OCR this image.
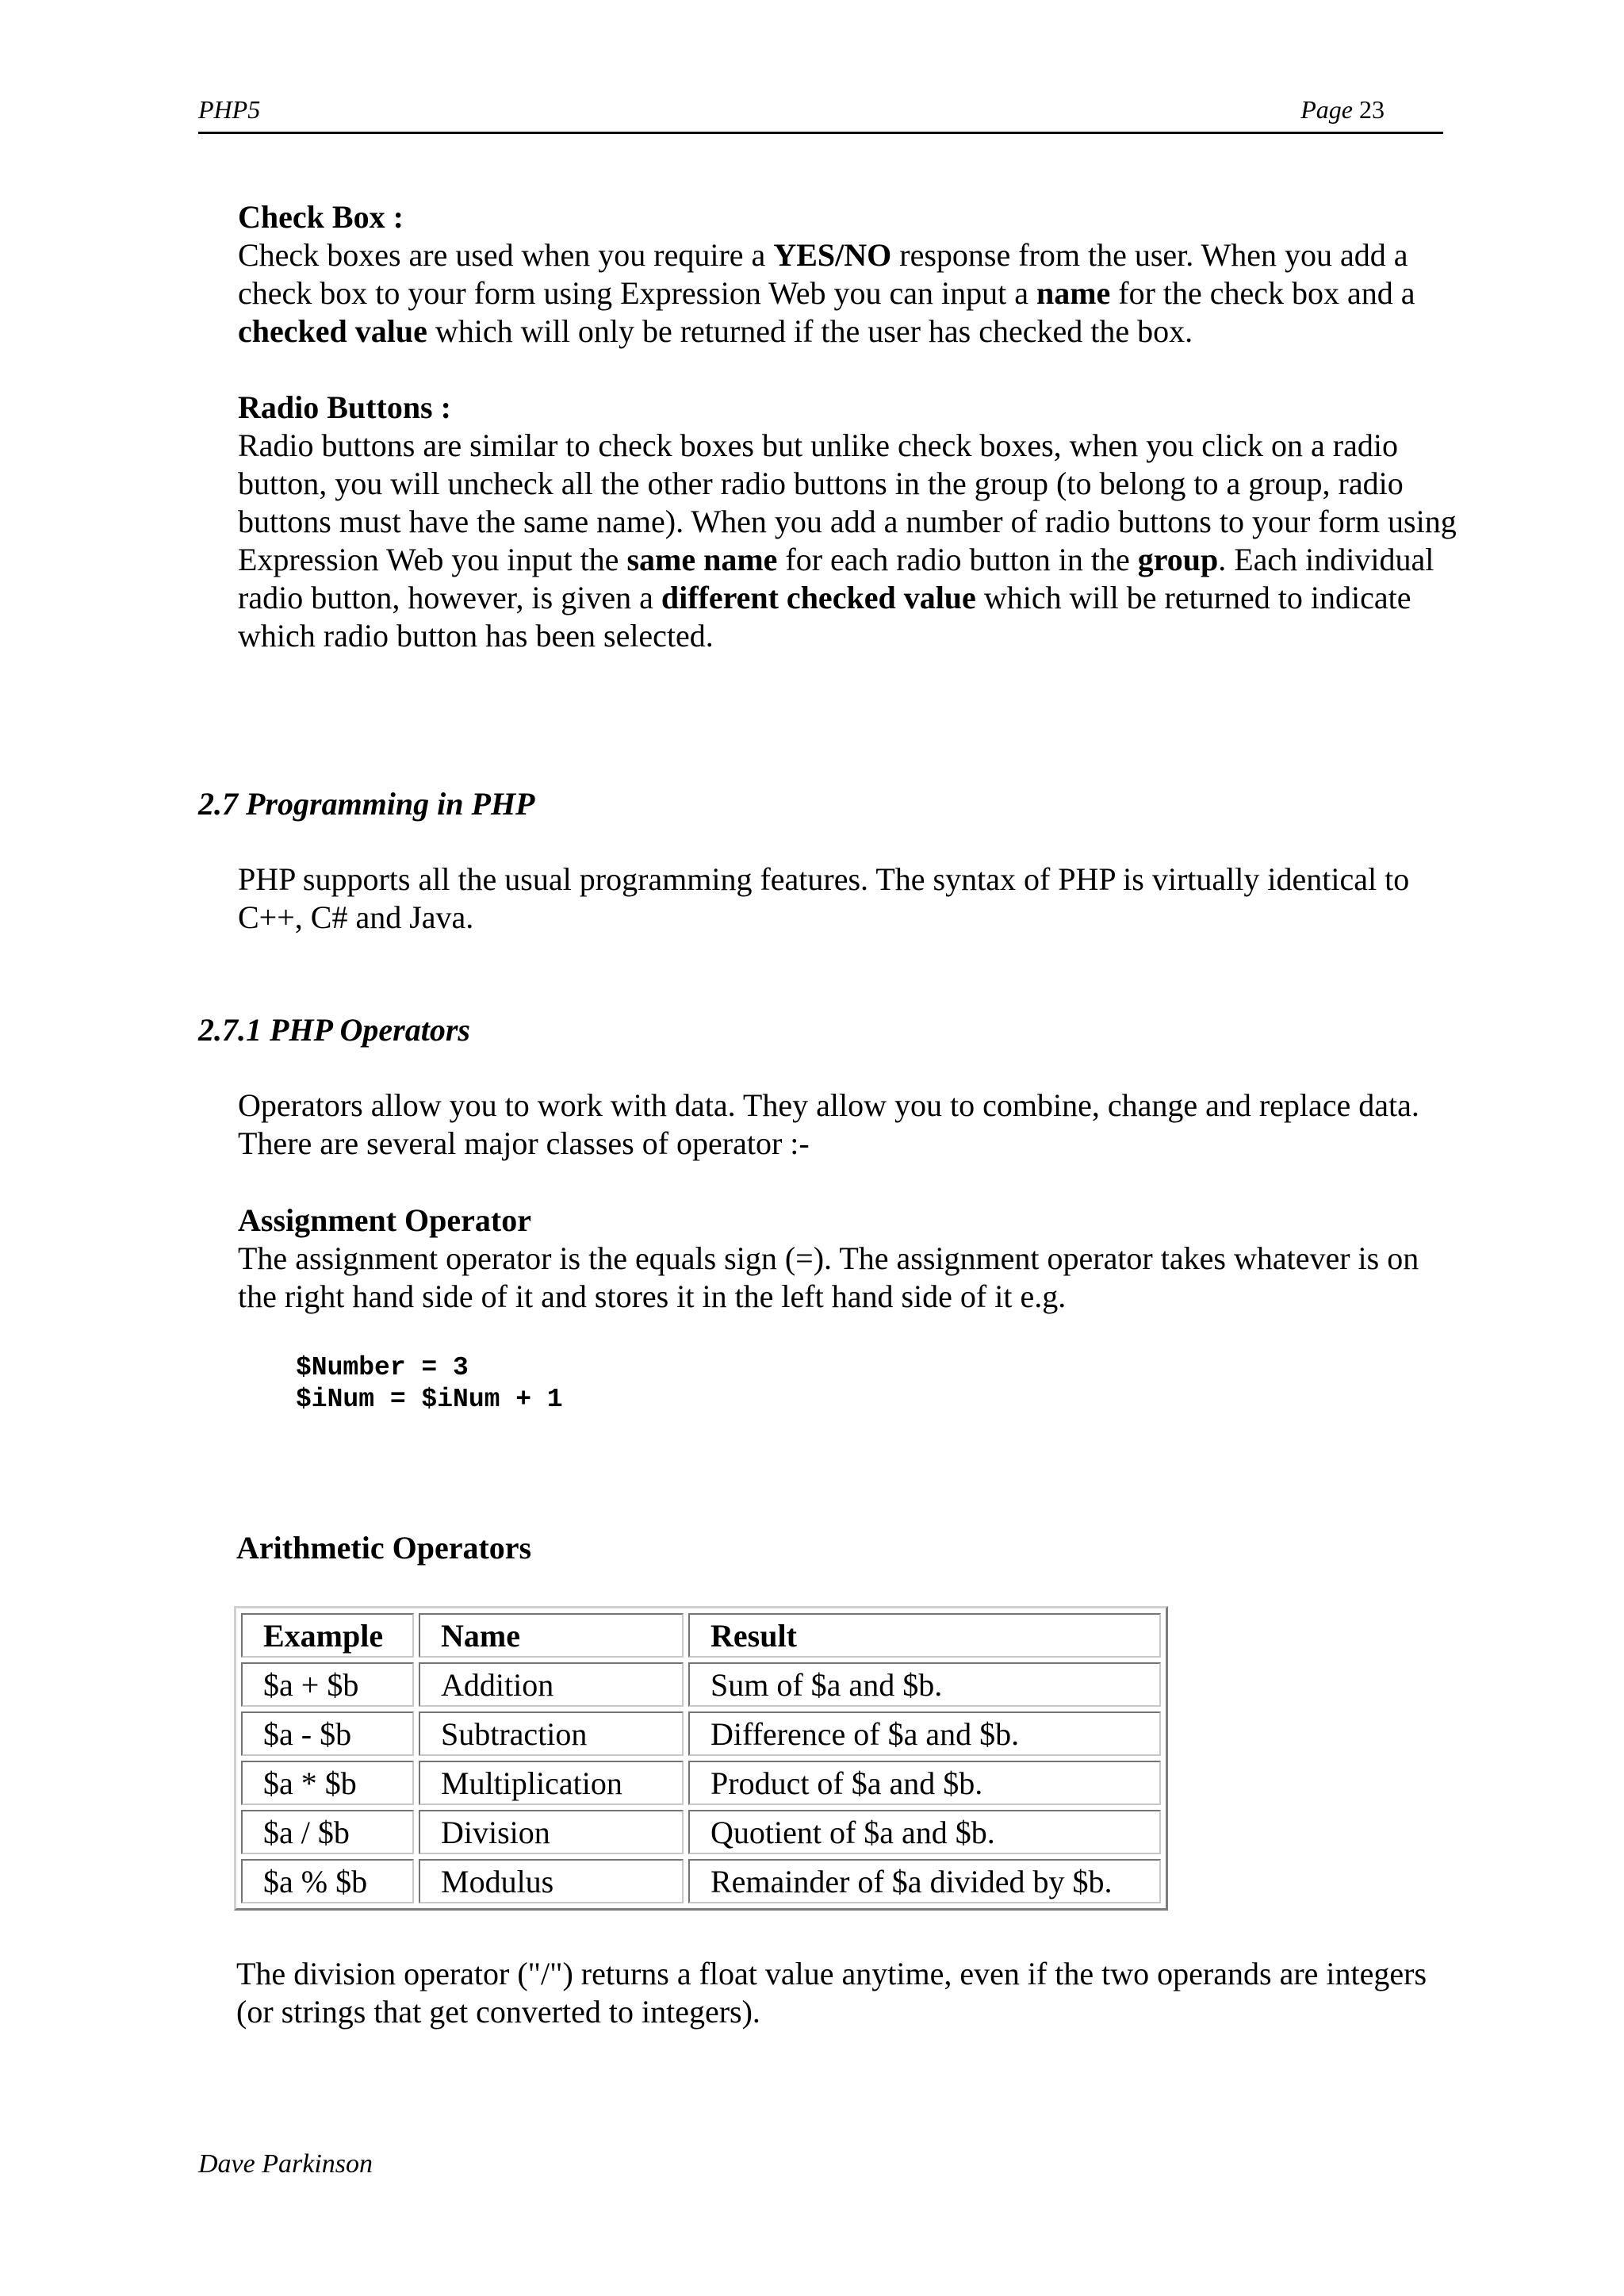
PHP5	Page 23
Check Box :
Check boxes are used when you require a YES/NO response from the user. When you add a check box to your form using Expression Web you can input a name for the check box and a checked value which will only be returned if the user has checked the box.
Radio Buttons :
Radio buttons are similar to check boxes but unlike check boxes, when you click on a radio button, you will uncheck all the other radio buttons in the group (to belong to a group, radio buttons must have the same name). When you add a number of radio buttons to your form using Expression Web you input the same name for each radio button in the group. Each individual radio button, however, is given a different checked value which will be returned to indicate which radio button has been selected.
2.7 Programming in PHP
PHP supports all the usual programming features. The syntax of PHP is virtually identical to C++, C# and Java.
2.7.1 PHP Operators
Operators allow you to work with data. They allow you to combine, change and replace data. There are several major classes of operator :-
Assignment Operator
The assignment operator is the equals sign (=). The assignment operator takes whatever is on the right hand side of it and stores it in the left hand side of it e.g.
$Number = 3
$iNum = $iNum + 1
Arithmetic Operators
Example	Name	Result
$a + $b	Addition	Sum of $a and $b.
$a - $b	Subtraction	Difference of $a and $b.
$a * $b	Multiplication	Product of $a and $b.
$a / $b	Division	Quotient of $a and $b.
$a % $b	Modulus	Remainder of $a divided by $b.
The division operator ("/") returns a float value anytime, even if the two operands are integers (or strings that get converted to integers).
Dave Parkinson
